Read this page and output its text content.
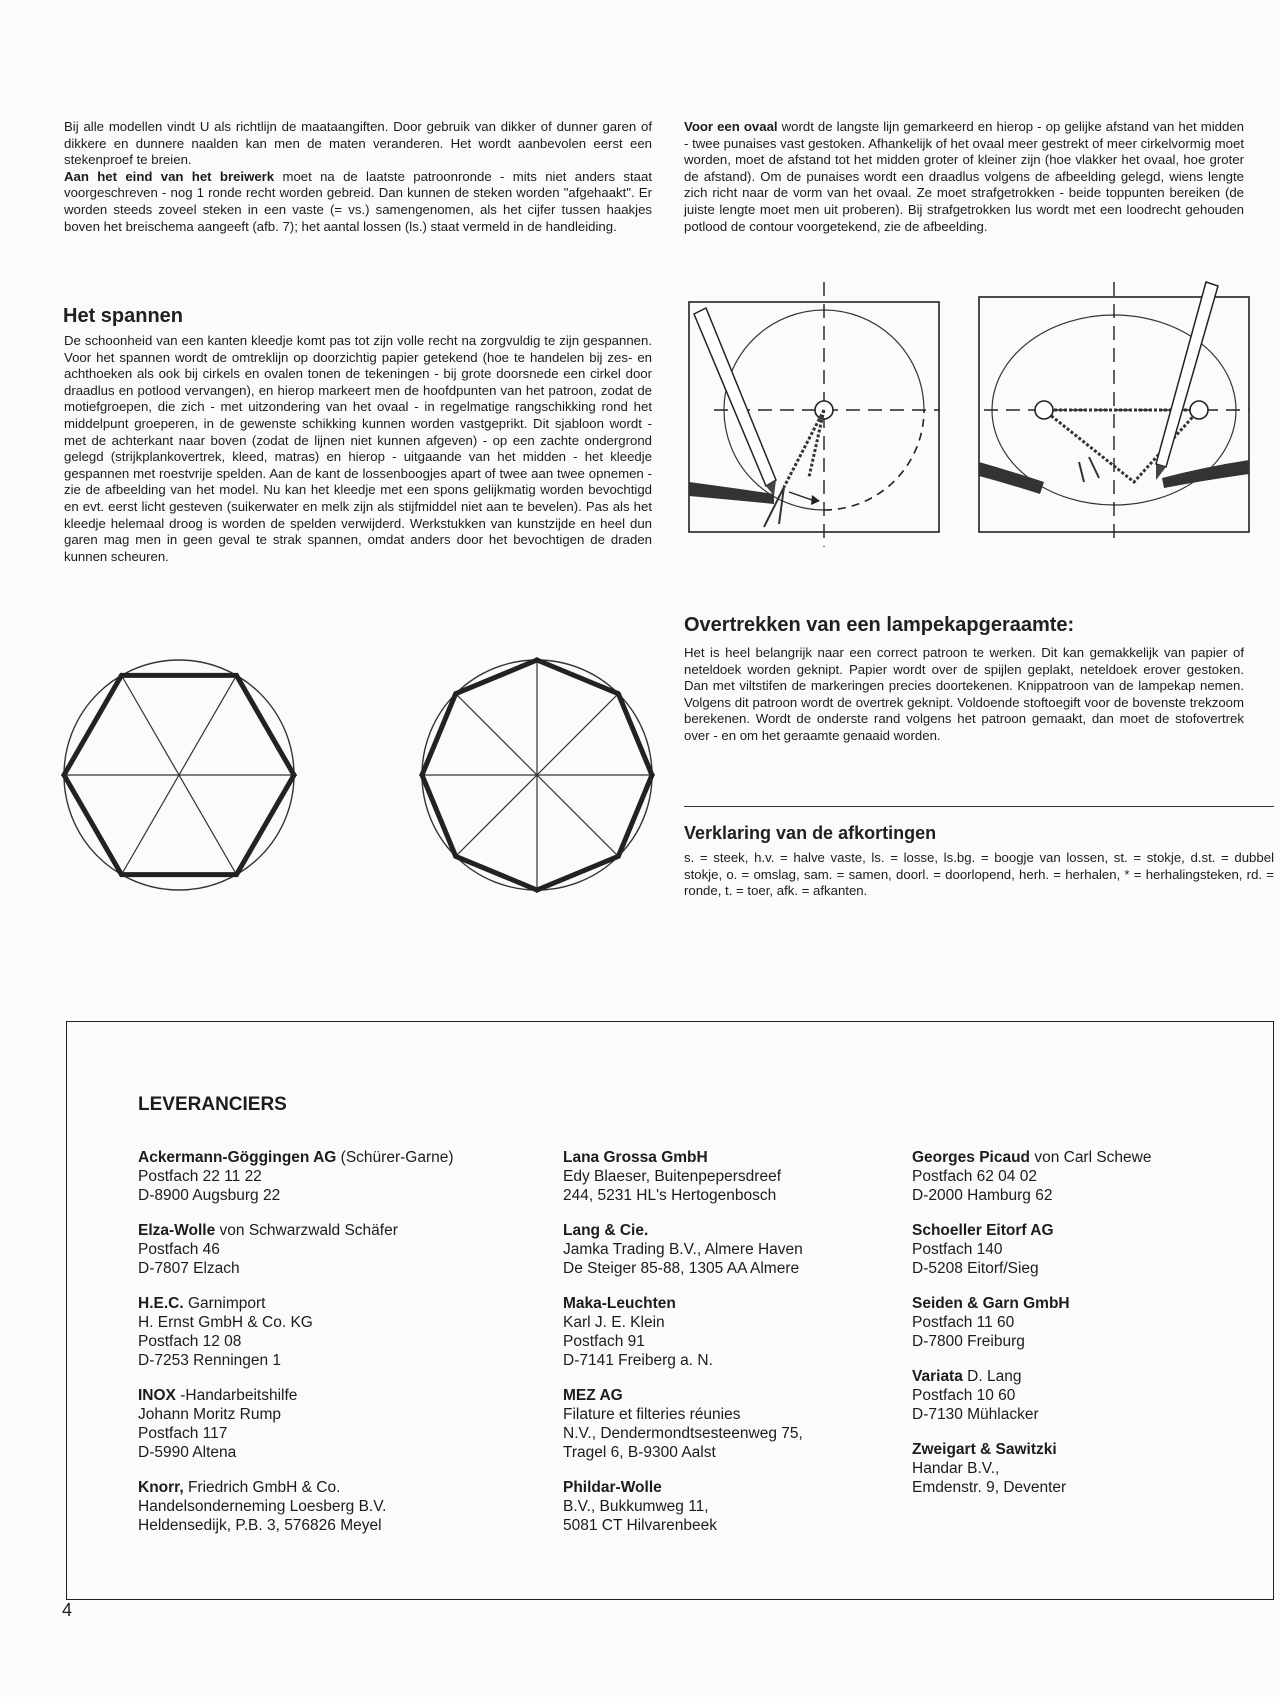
Bij alle modellen vindt U als richtlijn de maataangiften. Door gebruik van dikker of dunner garen of dikkere en dunnere naalden kan men de maten veranderen. Het wordt aanbevolen eerst een stekenproef te breien.

Aan het eind van het breiwerk moet na de laatste patroonronde - mits niet anders staat voorgeschreven - nog 1 ronde recht worden gebreid. Dan kunnen de steken worden "afgehaakt". Er worden steeds zoveel steken in een vaste (= vs.) samengenomen, als het cijfer tussen haakjes boven het breischema aangeeft (afb. 7); het aantal lossen (ls.) staat vermeld in de handleiding.

Voor een ovaal wordt de langste lijn gemarkeerd en hierop - op gelijke afstand van het midden - twee punaises vast gestoken. Afhankelijk of het ovaal meer gestrekt of meer cirkelvormig moet worden, moet de afstand tot het midden groter of kleiner zijn (hoe vlakker het ovaal, hoe groter de afstand). Om de punaises wordt een draadlus volgens de afbeelding gelegd, wiens lengte zich richt naar de vorm van het ovaal. Ze moet strafgetrokken - beide toppunten bereiken (de juiste lengte moet men uit proberen). Bij strafgetrokken lus wordt met een loodrecht gehouden potlood de contour voorgetekend, zie de afbeelding.

Het spannen
De schoonheid van een kanten kleedje komt pas tot zijn volle recht na zorgvuldig te zijn gespannen. Voor het spannen wordt de omtreklijn op doorzichtig papier getekend (hoe te handelen bij zes- en achthoeken als ook bij cirkels en ovalen tonen de tekeningen - bij grote doorsnede een cirkel door draadlus en potlood vervangen), en hierop markeert men de hoofdpunten van het patroon, zodat de motiefgroepen, die zich - met uitzondering van het ovaal - in regelmatige rangschikking rond het middelpunt groeperen, in de gewenste schikking kunnen worden vastgeprikt. Dit sjabloon wordt - met de achterkant naar boven (zodat de lijnen niet kunnen afgeven) - op een zachte ondergrond gelegd (strijkplankovertrek, kleed, matras) en hierop - uitgaande van het midden - het kleedje gespannen met roestvrije spelden. Aan de kant de lossenboogjes apart of twee aan twee opnemen - zie de afbeelding van het model. Nu kan het kleedje met een spons gelijkmatig worden bevochtigd en evt. eerst licht gesteven (suikerwater en melk zijn als stijfmiddel niet aan te bevelen). Pas als het kleedje helemaal droog is worden de spelden verwijderd. Werkstukken van kunstzijde en heel dun garen mag men in geen geval te strak spannen, omdat anders door het bevochtigen de draden kunnen scheuren.
Overtrekken van een lampekapgeraamte:
Het is heel belangrijk naar een correct patroon te werken. Dit kan gemakkelijk van papier of neteldoek worden geknipt. Papier wordt over de spijlen geplakt, neteldoek erover gestoken. Dan met viltstifen de markeringen precies doortekenen. Knippatroon van de lampekap nemen. Volgens dit patroon wordt de overtrek geknipt. Voldoende stoftoegift voor de bovenste trekzoom berekenen. Wordt de onderste rand volgens het patroon gemaakt, dan moet de stofovertrek over - en om het geraamte genaaid worden.
Verklaring van de afkortingen
s. = steek, h.v. = halve vaste, ls. = losse, ls.bg. = boogje van lossen, st. = stokje, d.st. = dubbel stokje, o. = omslag, sam. = samen, doorl. = doorlopend, herh. = herhalen, * = herhalingsteken, rd. = ronde, t. = toer, afk. = afkanten.
LEVERANCIERS

Ackermann-Göggingen AG (Schürer-Garne)
Postfach 22 11 22
D-8900 Augsburg 22

Elza-Wolle von Schwarzwald Schäfer
Postfach 46
D-7807 Elzach

H.E.C. Garnimport
H. Ernst GmbH & Co. KG
Postfach 12 08
D-7253 Renningen 1

INOX -Handarbeitshilfe
Johann Moritz Rump
Postfach 117
D-5990 Altena

Knorr, Friedrich GmbH & Co.
Handelsonderneming Loesberg B.V.
Heldensedijk, P.B. 3, 576826 Meyel

Lana Grossa GmbH
Edy Blaeser, Buitenpepersdreef
244, 5231 HL's Hertogenbosch

Lang & Cie.
Jamka Trading B.V., Almere Haven
De Steiger 85-88, 1305 AA Almere

Maka-Leuchten
Karl J. E. Klein
Postfach 91
D-7141 Freiberg a. N.

MEZ AG
Filature et filteries réunies
N.V., Dendermondtsesteenweg 75,
Tragel 6, B-9300 Aalst

Phildar-Wolle
B.V., Bukkumweg 11,
5081 CT Hilvarenbeek

Georges Picaud von Carl Schewe
Postfach 62 04 02
D-2000 Hamburg 62

Schoeller Eitorf AG
Postfach 140
D-5208 Eitorf/Sieg

Seiden & Garn GmbH
Postfach 11 60
D-7800 Freiburg

Variata D. Lang
Postfach 10 60
D-7130 Mühlacker

Zweigart & Sawitzki
Handar B.V.,
Emdenstr. 9, Deventer

4
